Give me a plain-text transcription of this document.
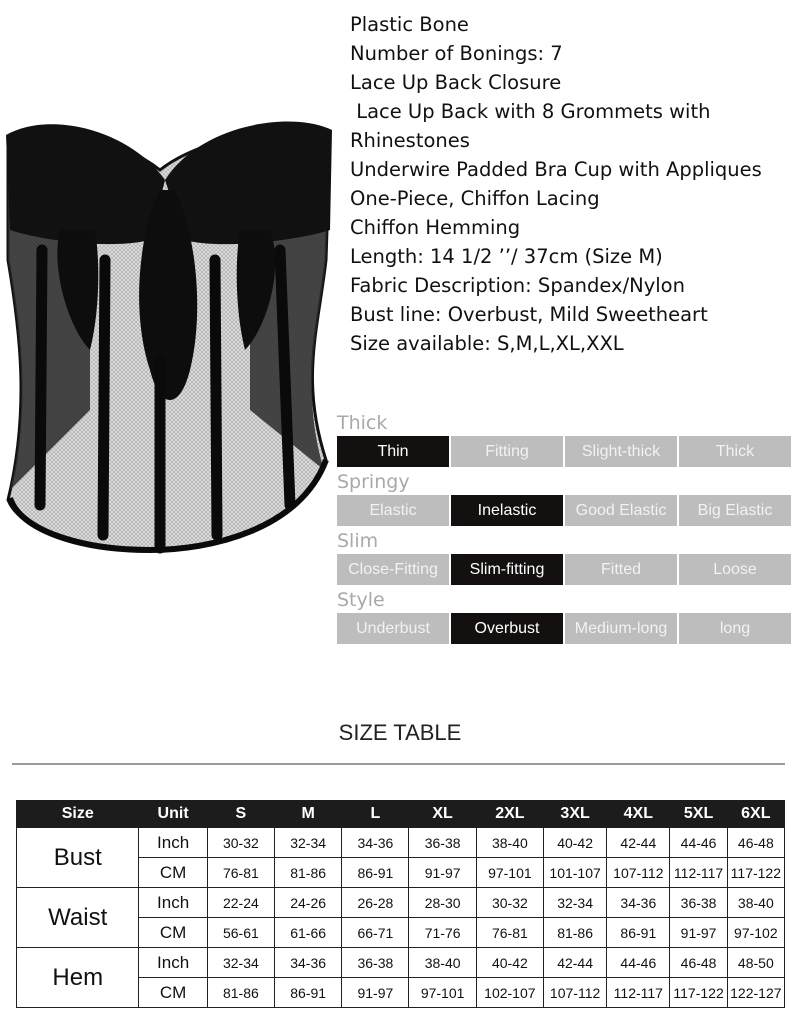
Plastic Bone
Number of Bonings: 7
Lace Up Back Closure
Lace Up Back with 8 Grommets with
Rhinestones
Underwire Padded Bra Cup with Appliques
One-Piece, Chiffon Lacing
Chiffon Hemming
Length: 14 1/2 ’’/ 37cm (Size M)
Fabric Description: Spandex/Nylon
Bust line: Overbust, Mild Sweetheart
Size available: S,M,L,XL,XXL
Thick
Thin	Fitting	Slight-thick	Thick
Springy
Elastic	Inelastic	Good Elastic	Big Elastic
Slim
Close-Fitting	Slim-fitting	Fitted	Loose
Style
Underbust	Overbust	Medium-long	long
SIZE TABLE
Size	Unit	S	M	L	XL	2XL	3XL	4XL	5XL	6XL
Bust	Inch	30-32	32-34	34-36	36-38	38-40	40-42	42-44	44-46	46-48
	CM	76-81	81-86	86-91	91-97	97-101	101-107	107-112	112-117	117-122
Waist	Inch	22-24	24-26	26-28	28-30	30-32	32-34	34-36	36-38	38-40
	CM	56-61	61-66	66-71	71-76	76-81	81-86	86-91	91-97	97-102
Hem	Inch	32-34	34-36	36-38	38-40	40-42	42-44	44-46	46-48	48-50
	CM	81-86	86-91	91-97	97-101	102-107	107-112	112-117	117-122	122-127
